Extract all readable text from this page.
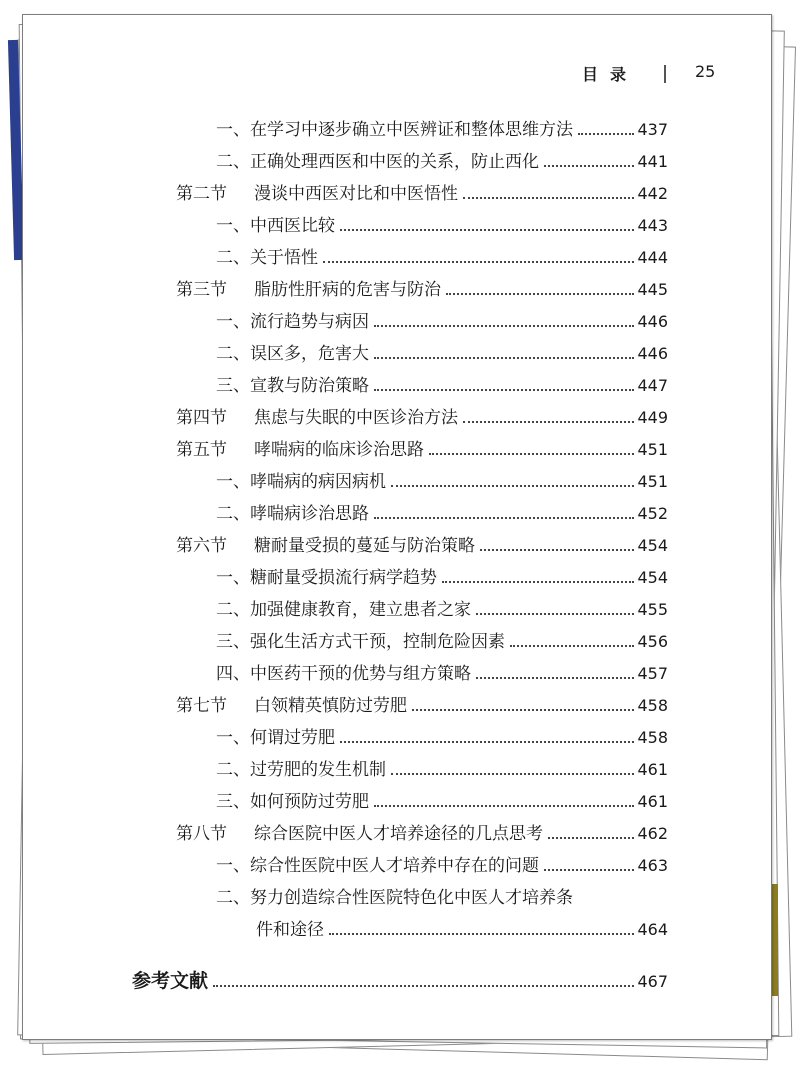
目录	25
一、在学习中逐步确立中医辨证和整体思维方法	437
二、正确处理西医和中医的关系，防止西化	441
第二节 漫谈中西医对比和中医悟性	442
一、中西医比较	443
二、关于悟性	444
第三节 脂肪性肝病的危害与防治	445
一、流行趋势与病因	446
二、误区多，危害大	446
三、宣教与防治策略	447
第四节 焦虑与失眠的中医诊治方法	449
第五节 哮喘病的临床诊治思路	451
一、哮喘病的病因病机	451
二、哮喘病诊治思路	452
第六节 糖耐量受损的蔓延与防治策略	454
一、糖耐量受损流行病学趋势	454
二、加强健康教育，建立患者之家	455
三、强化生活方式干预，控制危险因素	456
四、中医药干预的优势与组方策略	457
第七节 白领精英慎防过劳肥	458
一、何谓过劳肥	458
二、过劳肥的发生机制	461
三、如何预防过劳肥	461
第八节 综合医院中医人才培养途径的几点思考	462
一、综合性医院中医人才培养中存在的问题	463
二、努力创造综合性医院特色化中医人才培养条
件和途径	464
参考文献	467
